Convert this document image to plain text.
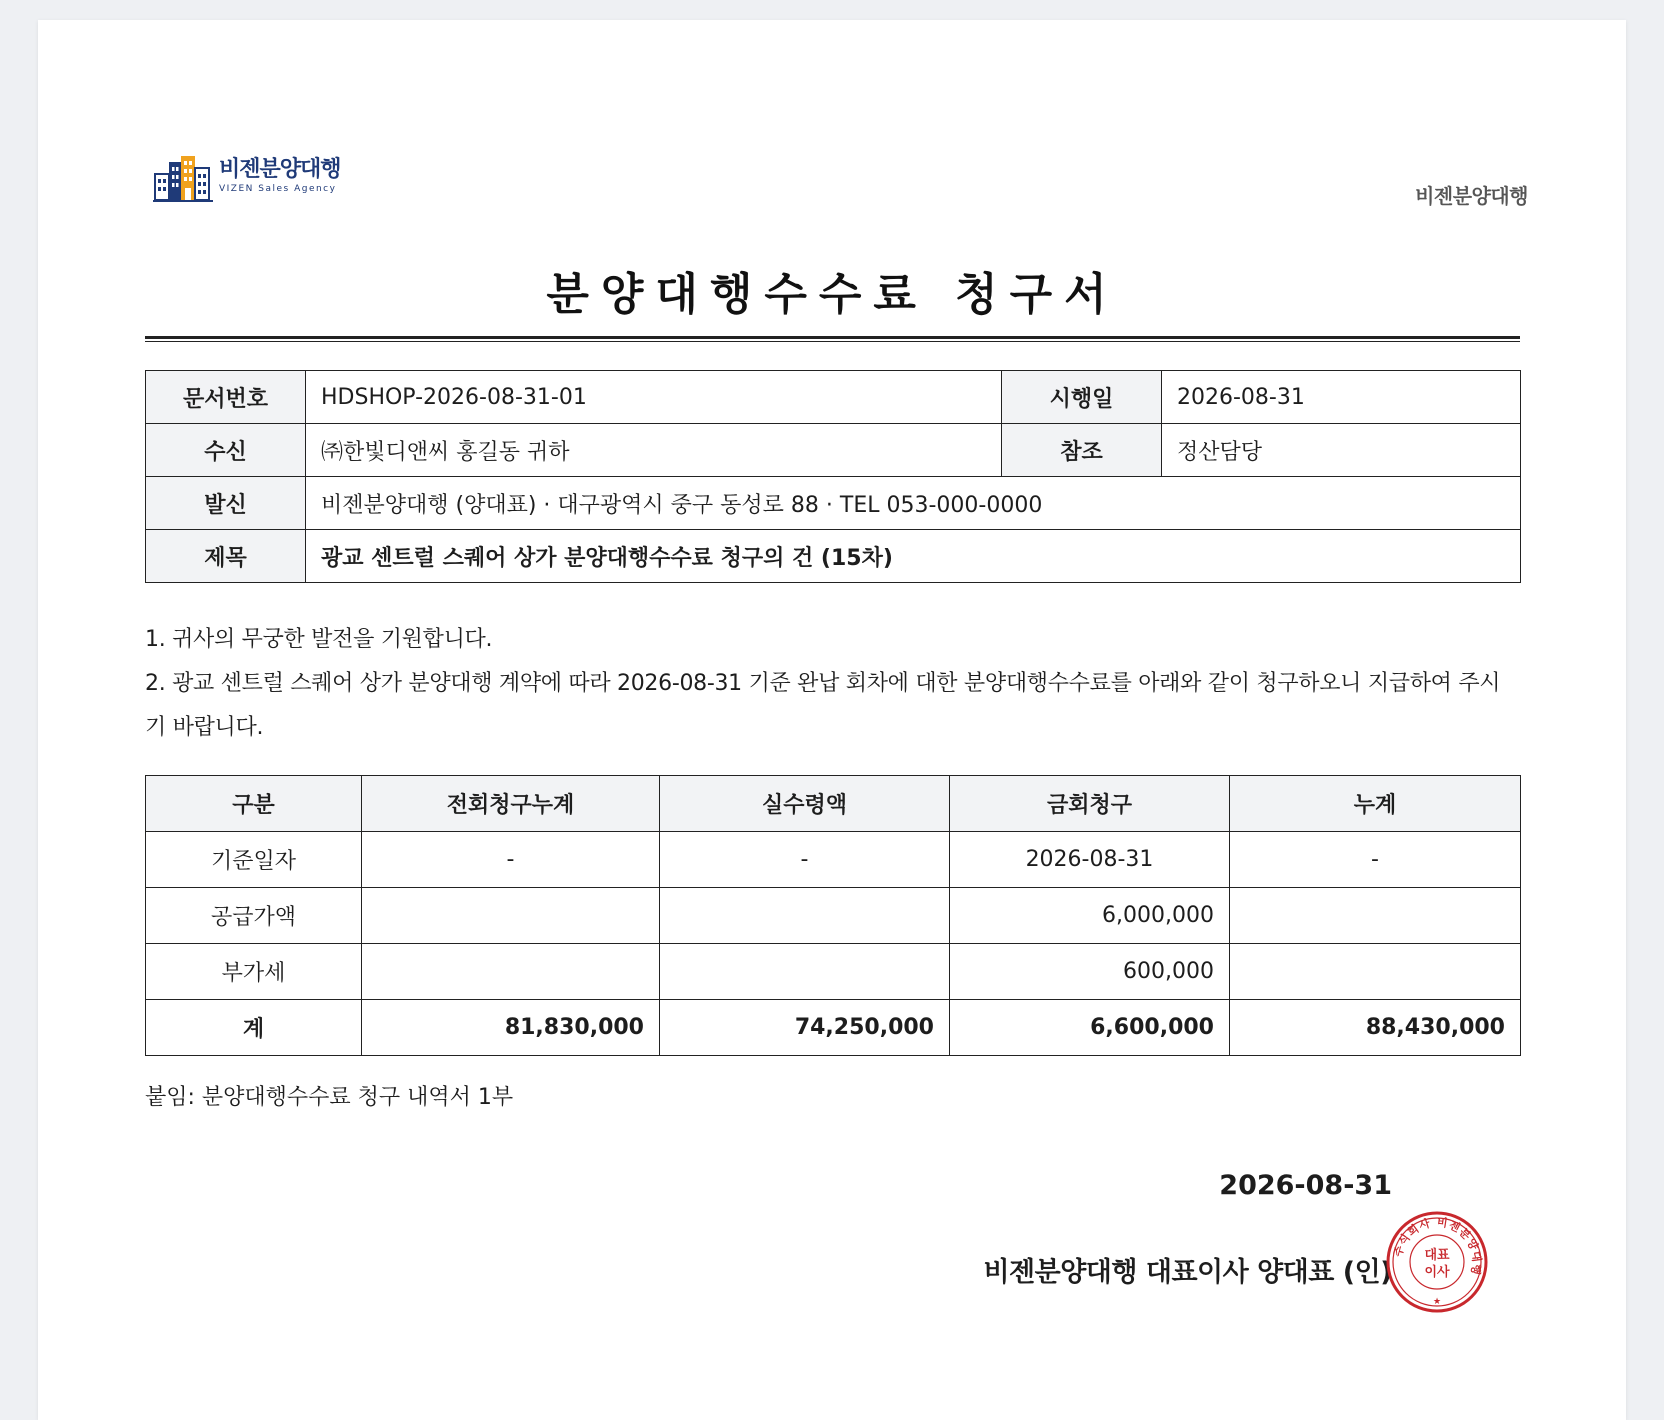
비젠분양대행
VIZEN Sales Agency	비젠분양대행
분양대행수수료 청구서
문서번호	HDSHOP-2026-08-31-01	시행일	2026-08-31
수신	㈜한빛디앤씨 홍길동 귀하	참조	정산담당
발신	비젠분양대행 (양대표) · 대구광역시 중구 동성로 88 · TEL 053-000-0000		
제목	광교 센트럴 스퀘어 상가 분양대행수수료 청구의 건 (15차)		
1. 귀사의 무궁한 발전을 기원합니다.
2. 광교 센트럴 스퀘어 상가 분양대행 계약에 따라 2026-08-31 기준 완납 회차에 대한 분양대행수수료를 아래와 같이 청구하오니 지급하여 주시기 바랍니다.
구분	전회청구누계	실수령액	금회청구	누계
기준일자	-	-	2026-08-31	-
공급가액			6,000,000	
부가세			600,000	
계	81,830,000	74,250,000	6,600,000	88,430,000
붙임: 분양대행수수료 청구 내역서 1부
2026-08-31
비젠분양대행 대표이사 양대표 (인)
주식회사 비젠분양대행
대표
이사
★
